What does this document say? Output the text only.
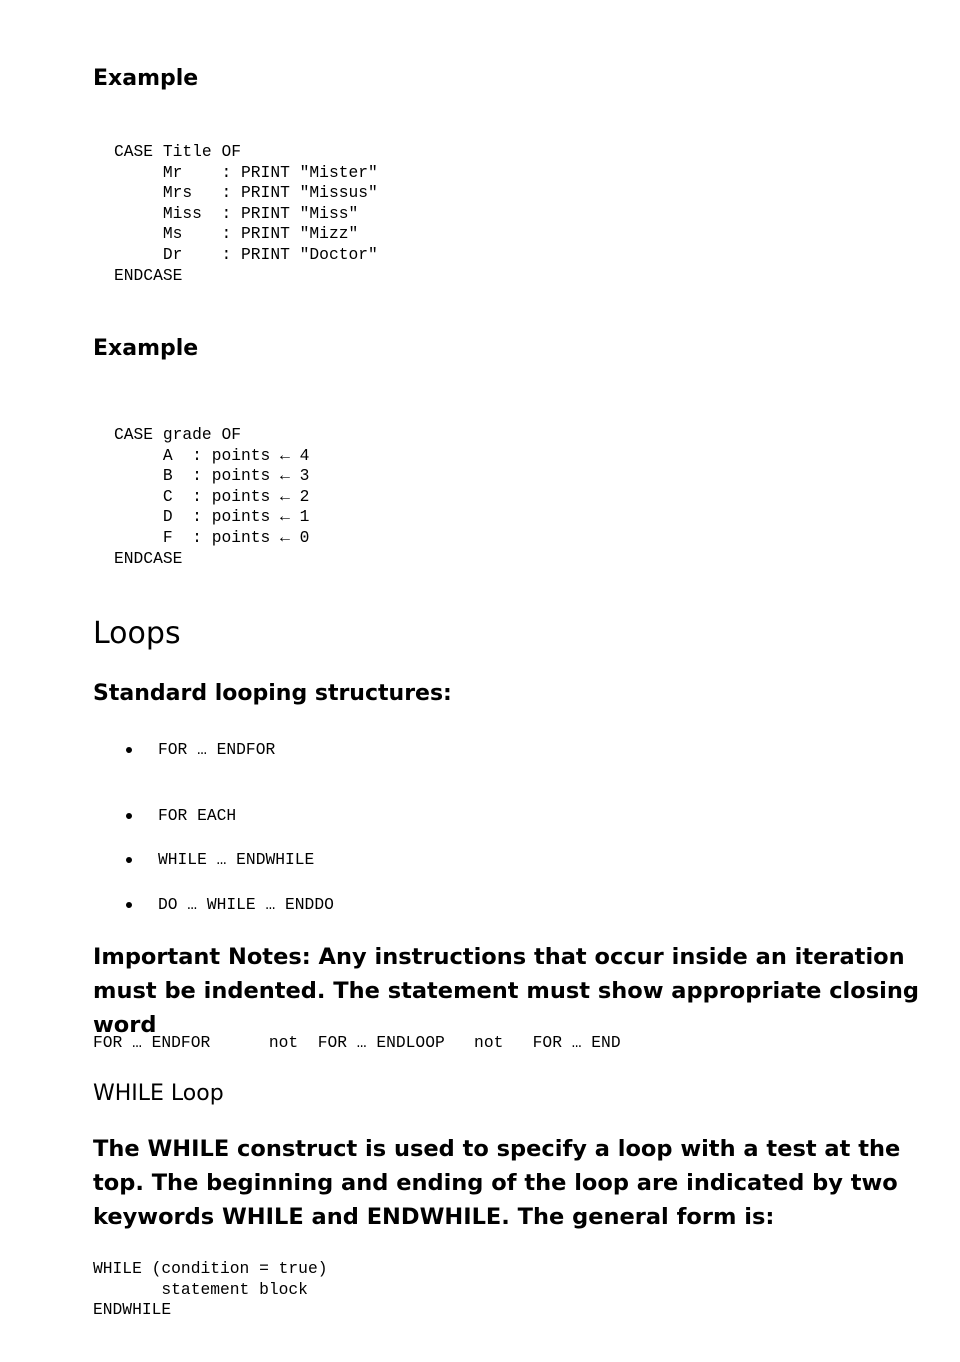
Example
CASE Title OF
Mr    : PRINT "Mister"
Mrs   : PRINT "Missus"
Miss  : PRINT "Miss"
Ms    : PRINT "Mizz"
Dr    : PRINT "Doctor"
ENDCASE
Example
CASE grade OF
A  : points ← 4
B  : points ← 3
C  : points ← 2
D  : points ← 1
F  : points ← 0
ENDCASE
Loops
Standard looping structures:
FOR … ENDFOR
FOR EACH
WHILE … ENDWHILE
DO … WHILE … ENDDO
Important Notes: Any instructions that occur inside an iteration must be indented. The statement must show appropriate closing word
FOR … ENDFOR      not  FOR … ENDLOOP   not   FOR … END
WHILE Loop
The WHILE construct is used to specify a loop with a test at the top. The beginning and ending of the loop are indicated by two keywords WHILE and ENDWHILE. The general form is:
WHILE (condition = true)
statement block
ENDWHILE
